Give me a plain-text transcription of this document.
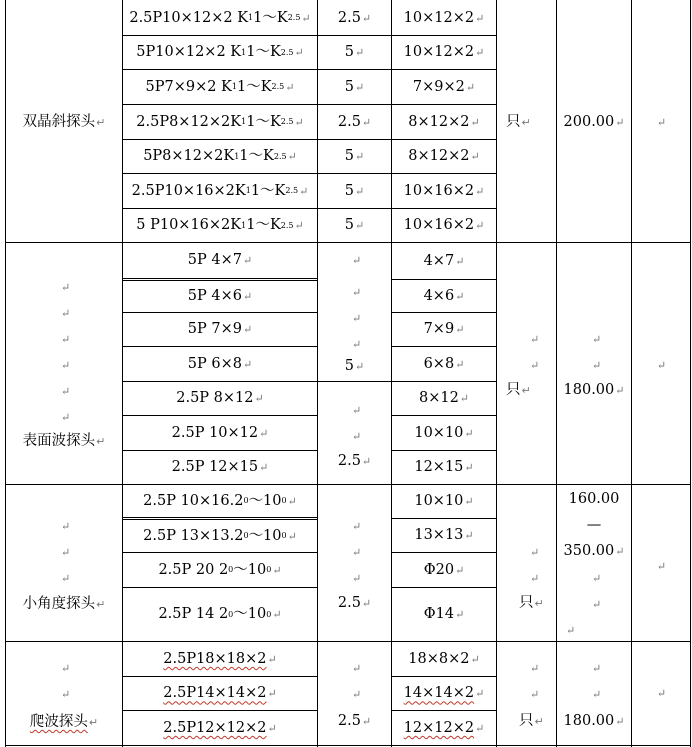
双晶斜探头 ↵
2.5P10×12×2 K 1 1～K 2.5 ↵
5P10×12×2 K 1 1～K 2.5 ↵
5P7×9×2 K 1 1～K 2.5 ↵
2.5P8×12×2K 1 1～K 2.5 ↵
5P8×12×2K 1 1～K 2.5 ↵
2.5P10×16×2K 1 1～K 2.5 ↵
5 P10×16×2K 1 1～K 2.5 ↵
2.5 ↵
5 ↵
5 ↵
2.5 ↵
5 ↵
5 ↵
5 ↵
10×12×2 ↵
10×12×2 ↵
7×9×2 ↵
8×12×2 ↵
8×12×2 ↵
10×16×2 ↵
10×16×2 ↵
只 ↵ 200.00 ↵	↵
↵
↵
↵
↵
↵
↵
表面波探头 ↵
5P 4×7 ↵
5P 4×6 ↵
5P 7×9 ↵
5P 6×8 ↵
2.5P 8×12 ↵
2.5P 10×12 ↵
2.5P 12×15 ↵
↵
↵
↵
↵
5 ↵
↵
↵
2.5 ↵
4×7 ↵
4×6 ↵
7×9 ↵
6×8 ↵
8×12 ↵
10×10 ↵
12×15 ↵
↵
↵
只 ↵
↵
↵
180.00 ↵
↵
↵
↵
↵
小角度探头 ↵
2.5P 10×16.2 0 ～10 0 ↵
2.5P 13×13.2 0 ～10 0 ↵
2.5P 20 2 0 ～10 0 ↵
2.5P 14 2 0 ～10 0 ↵
↵
↵
↵
2.5 ↵
10×10 ↵
13×13 ↵
Φ20 ↵
Φ14 ↵
↵
↵
只 ↵
160.00
—
350.00 ↵
↵
↵
↵
↵
↵
↵
爬波探头 ↵
2.5P18×18×2 ↵
2.5P14×14×2 ↵
2.5P12×12×2 ↵
↵
↵
2.5 ↵
18×8×2 ↵
14×14×2 ↵
12×12×2 ↵
↵
↵
只 ↵
↵
↵
180.00 ↵
↵
